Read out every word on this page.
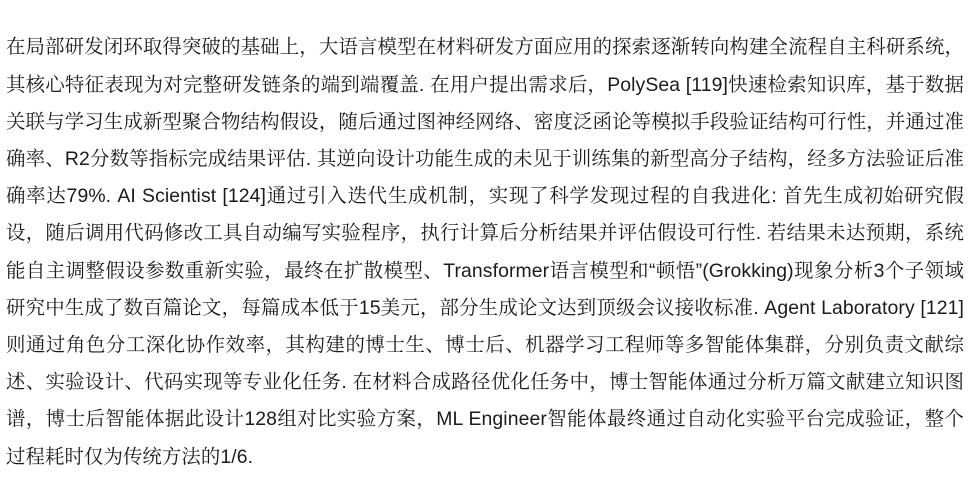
在局部研发闭环取得突破的基础上，大语言模型在材料研发方面应用的探索逐渐转向构建全流程自主科研系统，其核心特征表现为对完整研发链条的端到端覆盖. 在用户提出需求后，PolySea [119]快速检索知识库，基于数据关联与学习生成新型聚合物结构假设，随后通过图神经网络、密度泛函论等模拟手段验证结构可行性，并通过准确率、R2分数等指标完成结果评估. 其逆向设计功能生成的未见于训练集的新型高分子结构，经多方法验证后准确率达79%. AI Scientist [124]通过引入迭代生成机制，实现了科学发现过程的自我进化: 首先生成初始研究假设，随后调用代码修改工具自动编写实验程序，执行计算后分析结果并评估假设可行性. 若结果未达预期，系统能自主调整假设参数重新实验，最终在扩散模型、Transformer语言模型和“顿悟”(Grokking)现象分析3个子领域研究中生成了数百篇论文，每篇成本低于15美元，部分生成论文达到顶级会议接收标准. Agent Laboratory [121]则通过角色分工深化协作效率，其构建的博士生、博士后、机器学习工程师等多智能体集群，分别负责文献综述、实验设计、代码实现等专业化任务. 在材料合成路径优化任务中，博士智能体通过分析万篇文献建立知识图谱，博士后智能体据此设计128组对比实验方案，ML Engineer智能体最终通过自动化实验平台完成验证，整个过程耗时仅为传统方法的1/6.
